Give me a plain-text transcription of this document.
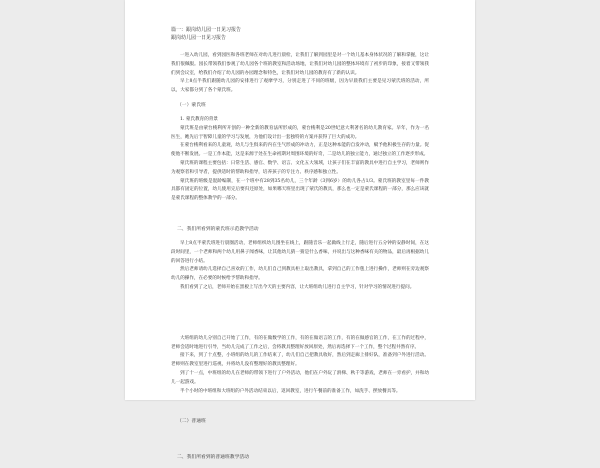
篇一：跟岗幼儿园一日见习报告
跟岗幼儿园一日见习报告

一进入幼儿园，看到园医和各班老师在对幼儿进行晨检，让我们了解到园里是对一个幼儿基本身体状况的了解和掌握，这让我们很佩服。园长带领我们参观了幼儿园各个班的教室和活动场地，让我们对幼儿园的整体环境有了初步的印象，接着又带领我们到会议室，给我们介绍了幼儿园的办园理念和特色，让我们对幼儿园的教育有了新的认识。

早上8点半我们跟随幼儿园的安排进行了观摩学习，分别走进了不同的班级，因为早晨我们主要是见习蒙氏班的活动，所以，大家都分到了各个蒙氏班。

（一）蒙氏班

1. 蒙氏教育的背景

蒙氏班是由蒙台梭利所开创的一种全新的教育法所形成的，蒙台梭利是20世纪意大利著名的幼儿教育家。早年，作为一名医生，她先后于智障儿童的学习与发展，为他们设计出一套独特的方案并获得了巨大的成功。

在蒙台梭利看来的儿童观，幼儿与生俱来的内在生气形成的冲动力，正是这种本能的自发冲动，赋予他积极生存的力量。促使他不断发展。一是工作本能，这是来源于处在生命初期对周围环境的好奇，二是幼儿的独立能力，通过独立的工作逐步形成。

蒙氏班的课程主要包括：日常生活、感官、数学、语言、文化五大领域，让孩子们在丰富的教具中进行自主学习，老师则作为观察者和引导者，提供适时的帮助和指导，培养孩子的专注力、秩序感和独立性。

蒙氏班的班级是混龄编制，在一个班中有28到35名幼儿，三个年龄（3到6岁）的幼儿各占1/3。蒙氏班的教室里每一件教具都有固定的位置，幼儿使用完后要归还原处，如果哪天班里出现了蒙氏的教具，那么也一定是蒙氏课程的一部分，那么应该就是蒙氏课程的整体教学的一部分。

二、我们所看到的蒙氏班示范教学活动

早上8点半蒙氏班进行晨圈活动，老师组织幼儿围坐在线上，跟随音乐一起做线上行走，随后进行五分钟的安静时间，在这段时间里，一个老师和两个幼儿用鼻子闻香味，让其他幼儿猜一猜是什么香味，并说出与这种香味有关的物品，最后再根据幼儿的回答进行小结。

然后老师请幼儿选择自己喜欢的工作，幼儿们自己到教具柜上取出教具，拿到自己的工作毯上进行操作，老师则在旁边观察幼儿的操作，在必要的时候给予帮助和指导。

我们看到了之后，老师开始在黑板上写出今天的主要内容，让大班组幼儿进行自主学习，针对学习的情况进行提问。

大班组的幼儿分别自己开始了工作，有的在做数学的工作，有的在做语言的工作，有的在做感官的工作，在工作的过程中，老师会适时地进行引导，当幼儿完成了工作之后，会将教具整理好放回原处，然后再选择下一个工作，整个过程井然有序。

接下来，到了十点整，小班组的幼儿的工作结束了，幼儿们自己把教具收好，然后到走廊上排好队，准备到户外进行活动。老师则在教室里进行巡视，并将幼儿没有整理好的教具整理好。

到了十一点，中班组的幼儿在老师的带领下进行了户外活动，他们在户外玩了滑梯、秋千等游戏，老师在一旁看护，并和幼儿一起游戏。

半个小时的中班组和大班组的户外活动结束以后，返回教室，进行午餐前的准备工作，如洗手、摆放餐具等。

（二）普通班
二、我们所看到的普通班教学活动
